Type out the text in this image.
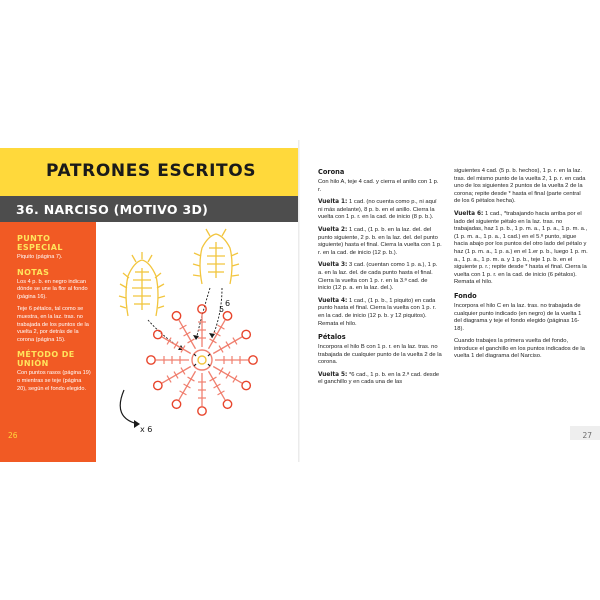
PATRONES ESCRITOS
36. NARCISO (MOTIVO 3D)
PUNTO ESPECIAL

Piquito (página 7).

NOTAS

Los 4 p. b. en negro indican dónde se une la flor al fondo (página 16).

Teje 6 pétalos, tal como se muestra, en la laz. tras. no trabajada de los puntos de la vuelta 2, por detrás de la corona (página 15).

MÉTODO DE UNIÓN

Con puntos rasos (página 19) o mientras se teje (página 20), según el fondo elegido.

5
6
x 6
26
Corona

Con hilo A, teje 4 cad. y cierra el anillo con 1 p. r.

Vuelta 1: 1 cad. (no cuenta como p., ni aquí ni más adelante), 8 p. b. en el anillo. Cierra la vuelta con 1 p. r. en la cad. de inicio (8 p. b.).

Vuelta 2: 1 cad., (1 p. b. en la laz. del. del punto siguiente, 2 p. b. en la laz. del. del punto siguiente) hasta el final. Cierra la vuelta con 1 p. r. en la cad. de inicio (12 p. b.).

Vuelta 3: 3 cad. (cuentan como 1 p. a.), 1 p. a. en la laz. del. de cada punto hasta el final. Cierra la vuelta con 1 p. r. en la 3.ª cad. de inicio (12 p. a. en la laz. del.).

Vuelta 4: 1 cad., (1 p. b., 1 piquito) en cada punto hasta el final. Cierra la vuelta con 1 p. r. en la cad. de inicio (12 p. b. y 12 piquitos). Remata el hilo.

Pétalos

Incorpora el hilo B con 1 p. r. en la laz. tras. no trabajada de cualquier punto de la vuelta 2 de la corona.

Vuelta 5: *6 cad., 1 p. b. en la 2.ª cad. desde el ganchillo y en cada una de las

siguientes 4 cad. (5 p. b. hechos), 1 p. r. en la laz. tras. del mismo punto de la vuelta 2, 1 p. r. en cada uno de los siguientes 2 puntos de la vuelta 2 de la corona; repite desde * hasta el final (parte central de los 6 pétalos hecha).

Vuelta 6: 1 cad., *trabajando hacia arriba por el lado del siguiente pétalo en la laz. tras. no trabajadas, haz 1 p. b., 1 p. m. a., 1 p. a., 1 p. m. a., (1 p. m. a., 1 p. a., 1 cad.) en el 5.º punto, sigue hacia abajo por los puntos del otro lado del pétalo y haz (1 p. m. a., 1 p. a.) en el 1.er p. b., luego 1 p. m. a., 1 p. a., 1 p. m. a. y 1 p. b., teje 1 p. b. en el siguiente p. r.; repite desde * hasta el final. Cierra la vuelta con 1 p. r. en la cad. de inicio (6 pétalos). Remata el hilo.

Fondo

Incorpora el hilo C en la laz. tras. no trabajada de cualquier punto indicado (en negro) de la vuelta 1 del diagrama y teje el fondo elegido (páginas 16-18).

Cuando trabajes la primera vuelta del fondo, introduce el ganchillo en los puntos indicados de la vuelta 1 del diagrama del Narciso.

27
